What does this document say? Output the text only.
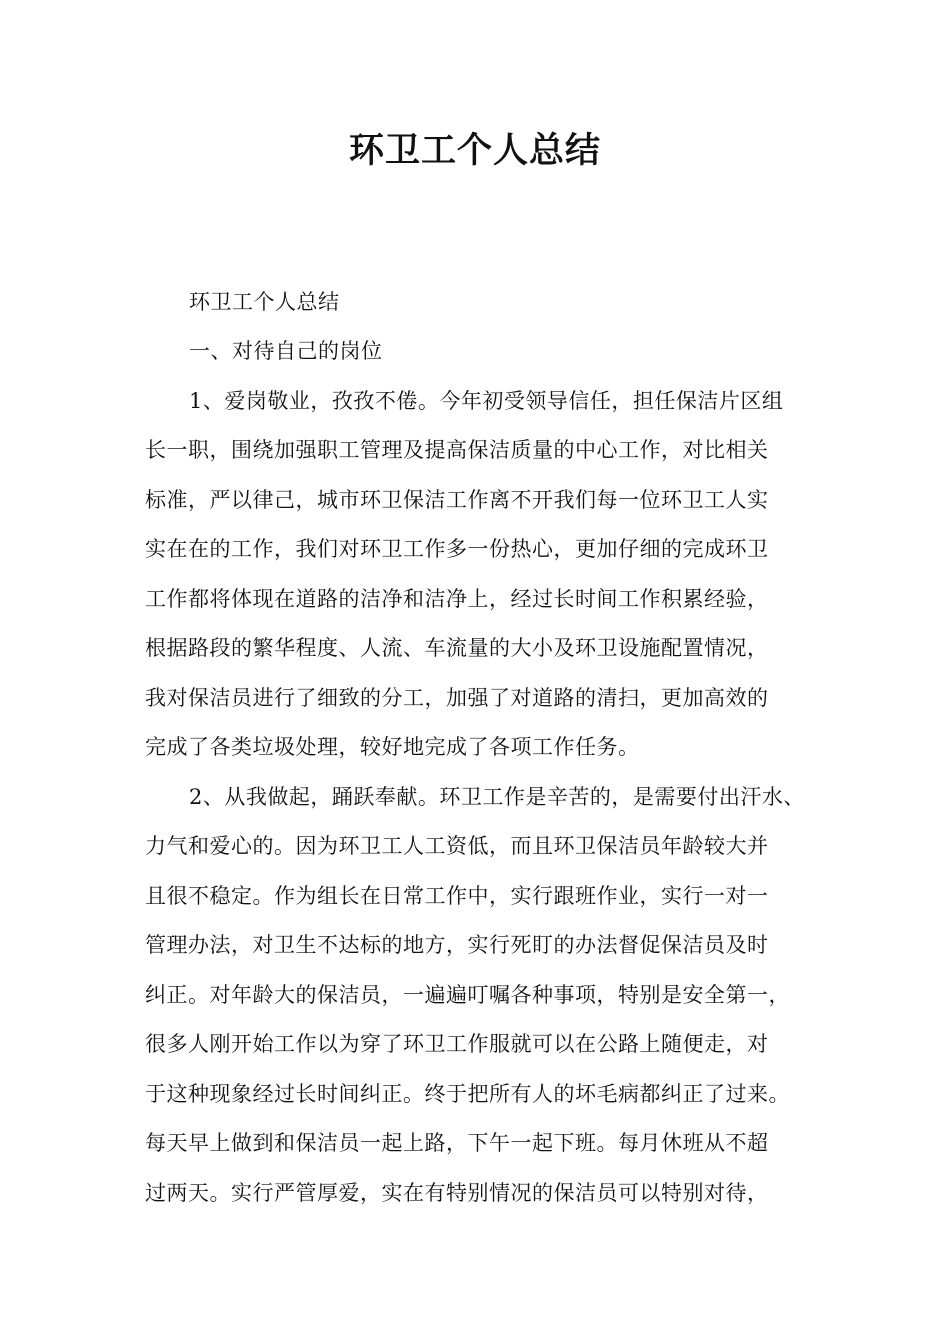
环卫工个人总结
环卫工个人总结
一、对待自己的岗位
1、爱岗敬业，孜孜不倦。今年初受领导信任，担任保洁片区组
长一职，围绕加强职工管理及提高保洁质量的中心工作，对比相关
标准，严以律己，城市环卫保洁工作离不开我们每一位环卫工人实
实在在的工作，我们对环卫工作多一份热心，更加仔细的完成环卫
工作都将体现在道路的洁净和洁净上，经过长时间工作积累经验，
根据路段的繁华程度、人流、车流量的大小及环卫设施配置情况，
我对保洁员进行了细致的分工，加强了对道路的清扫，更加高效的
完成了各类垃圾处理，较好地完成了各项工作任务。
2、从我做起，踊跃奉献。环卫工作是辛苦的，是需要付出汗水、
力气和爱心的。因为环卫工人工资低，而且环卫保洁员年龄较大并
且很不稳定。作为组长在日常工作中，实行跟班作业，实行一对一
管理办法，对卫生不达标的地方，实行死盯的办法督促保洁员及时
纠正。对年龄大的保洁员，一遍遍叮嘱各种事项，特别是安全第一，
很多人刚开始工作以为穿了环卫工作服就可以在公路上随便走，对
于这种现象经过长时间纠正。终于把所有人的坏毛病都纠正了过来。
每天早上做到和保洁员一起上路，下午一起下班。每月休班从不超
过两天。实行严管厚爱，实在有特别情况的保洁员可以特别对待，
